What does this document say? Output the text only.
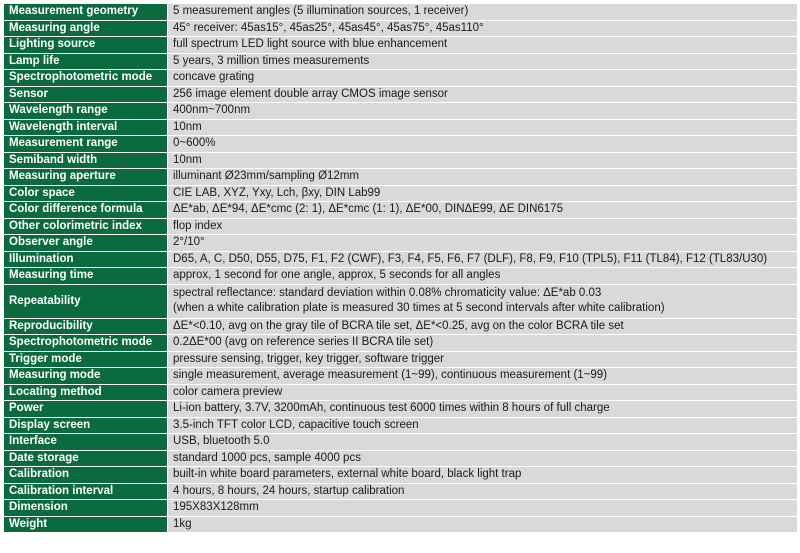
Measurement geometry	5 measurement angles (5 illumination sources, 1 receiver)
Measuring angle	45° receiver: 45as15°, 45as25°, 45as45°, 45as75°, 45as110°
Lighting source	full spectrum LED light source with blue enhancement
Lamp life	5 years, 3 million times measurements
Spectrophotometric mode	concave grating
Sensor	256 image element double array CMOS image sensor
Wavelength range	400nm~700nm
Wavelength interval	10nm
Measurement range	0~600%
Semiband width	10nm
Measuring aperture	illuminant Ø23mm/sampling Ø12mm
Color space	CIE LAB, XYZ, Yxy, Lch, βxy, DIN Lab99
Color difference formula	ΔE*ab, ΔE*94, ΔE*cmc (2: 1), ΔE*cmc (1: 1), ΔE*00, DINΔE99, ΔE DIN6175
Other colorimetric index	flop index
Observer angle	2°/10°
Illumination	D65, A, C, D50, D55, D75, F1, F2 (CWF), F3, F4, F5, F6, F7 (DLF), F8, F9, F10 (TPL5), F11 (TL84), F12 (TL83/U30)
Measuring time	approx, 1 second for one angle, approx, 5 seconds for all angles
Repeatability	spectral reflectance: standard deviation within 0.08% chromaticity value: ΔE*ab 0.03
(when a white calibration plate is measured 30 times at 5 second intervals after white calibration)

Reproducibility	ΔE*<0.10, avg on the gray tile of BCRA tile set, ΔE*<0.25, avg on the color BCRA tile set
Spectrophotometric mode	0.2ΔE*00 (avg on reference series II BCRA tile set)
Trigger mode	pressure sensing, trigger, key trigger, software trigger
Measuring mode	single measurement, average measurement (1~99), continuous measurement (1~99)
Locating method	color camera preview
Power	Li-ion battery, 3.7V, 3200mAh, continuous test 6000 times within 8 hours of full charge
Display screen	3.5-inch TFT color LCD, capacitive touch screen
Interface	USB, bluetooth 5.0
Date storage	standard 1000 pcs, sample 4000 pcs
Calibration	built-in white board parameters, external white board, black light trap
Calibration interval	4 hours, 8 hours, 24 hours, startup calibration
Dimension	195X83X128mm
Weight	1kg
